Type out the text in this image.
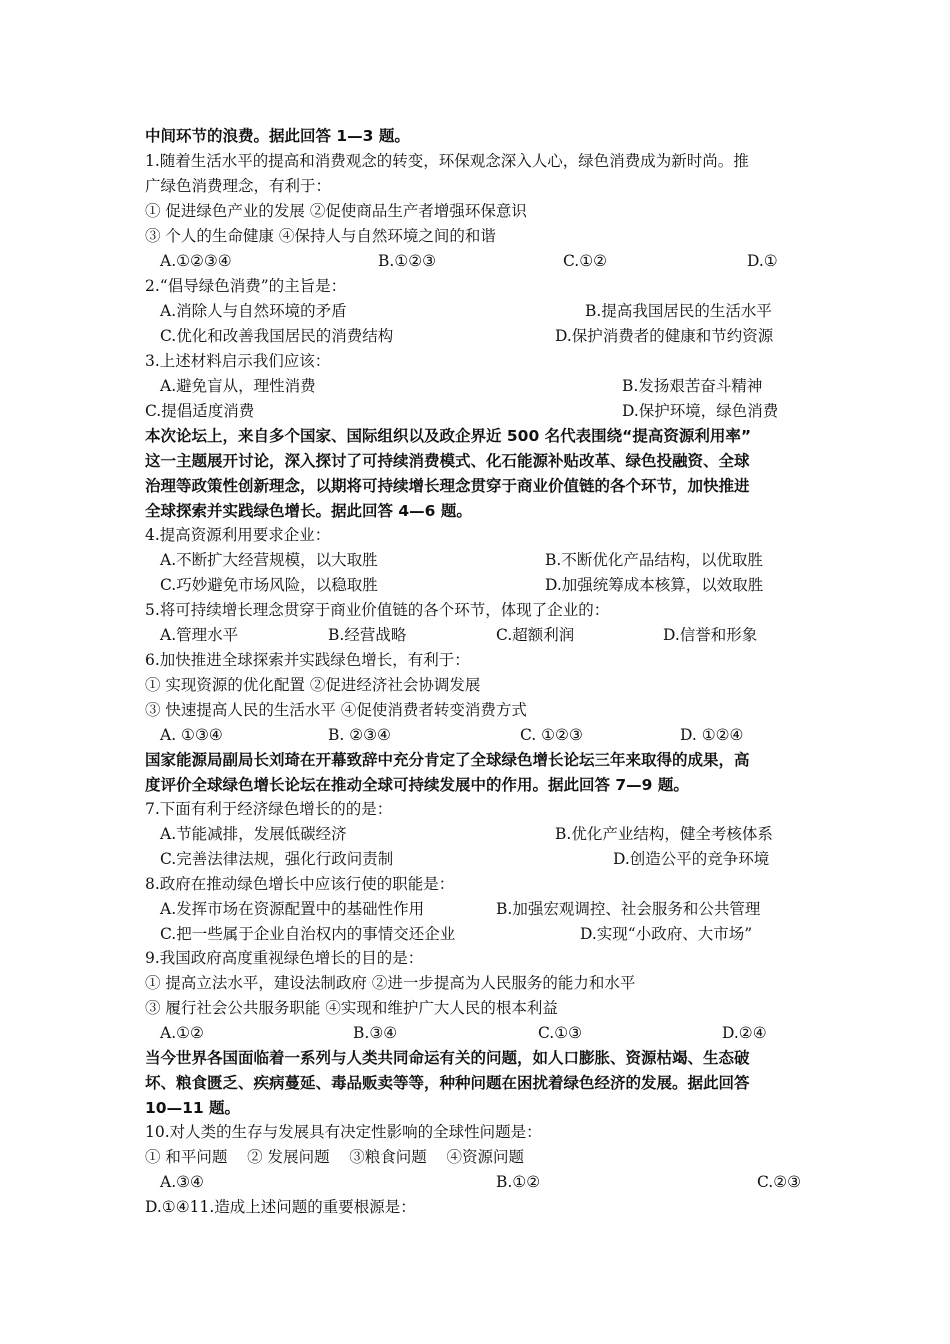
中间环节的浪费。据此回答 1—3 题。
1.随着生活水平的提高和消费观念的转变，环保观念深入人心，绿色消费成为新时尚。推
广绿色消费理念，有利于：
① 促进绿色产业的发展 ②促使商品生产者增强环保意识
③ 个人的生命健康 ④保持人与自然环境之间的和谐
A.①②③④	B.①②③	C.①②	D.①
2.“倡导绿色消费”的主旨是：
A.消除人与自然环境的矛盾	B.提高我国居民的生活水平
C.优化和改善我国居民的消费结构	D.保护消费者的健康和节约资源
3.上述材料启示我们应该：
A.避免盲从，理性消费	B.发扬艰苦奋斗精神
C.提倡适度消费	D.保护环境，绿色消费
本次论坛上，来自多个国家、国际组织以及政企界近 500 名代表围绕“提高资源利用率”
这一主题展开讨论，深入探讨了可持续消费模式、化石能源补贴改革、绿色投融资、全球
治理等政策性创新理念，以期将可持续增长理念贯穿于商业价值链的各个环节，加快推进
全球探索并实践绿色增长。据此回答 4—6 题。
4.提高资源利用要求企业：
A.不断扩大经营规模，以大取胜	B.不断优化产品结构，以优取胜
C.巧妙避免市场风险，以稳取胜	D.加强统筹成本核算，以效取胜
5.将可持续增长理念贯穿于商业价值链的各个环节，体现了企业的：
A.管理水平	B.经营战略	C.超额利润	D.信誉和形象
6.加快推进全球探索并实践绿色增长，有利于：
① 实现资源的优化配置 ②促进经济社会协调发展
③ 快速提高人民的生活水平 ④促使消费者转变消费方式
A. ①③④	B. ②③④	C. ①②③	D. ①②④
国家能源局副局长刘琦在开幕致辞中充分肯定了全球绿色增长论坛三年来取得的成果，高
度评价全球绿色增长论坛在推动全球可持续发展中的作用。据此回答 7—9 题。
7.下面有利于经济绿色增长的的是：
A.节能减排，发展低碳经济	B.优化产业结构，健全考核体系
C.完善法律法规，强化行政问责制	D.创造公平的竞争环境
8.政府在推动绿色增长中应该行使的职能是：
A.发挥市场在资源配置中的基础性作用	B.加强宏观调控、社会服务和公共管理
C.把一些属于企业自治权内的事情交还企业	D.实现“小政府、大市场”
9.我国政府高度重视绿色增长的目的是：
① 提高立法水平，建设法制政府 ②进一步提高为人民服务的能力和水平
③ 履行社会公共服务职能 ④实现和维护广大人民的根本利益
A.①②	B.③④	C.①③	D.②④
当今世界各国面临着一系列与人类共同命运有关的问题，如人口膨胀、资源枯竭、生态破
坏、粮食匮乏、疾病蔓延、毒品贩卖等等，种种问题在困扰着绿色经济的发展。据此回答
10—11 题。
10.对人类的生存与发展具有决定性影响的全球性问题是：
① 和平问题    ② 发展问题    ③粮食问题    ④资源问题
A.③④	B.①②	C.②③
D.①④11.造成上述问题的重要根源是：
